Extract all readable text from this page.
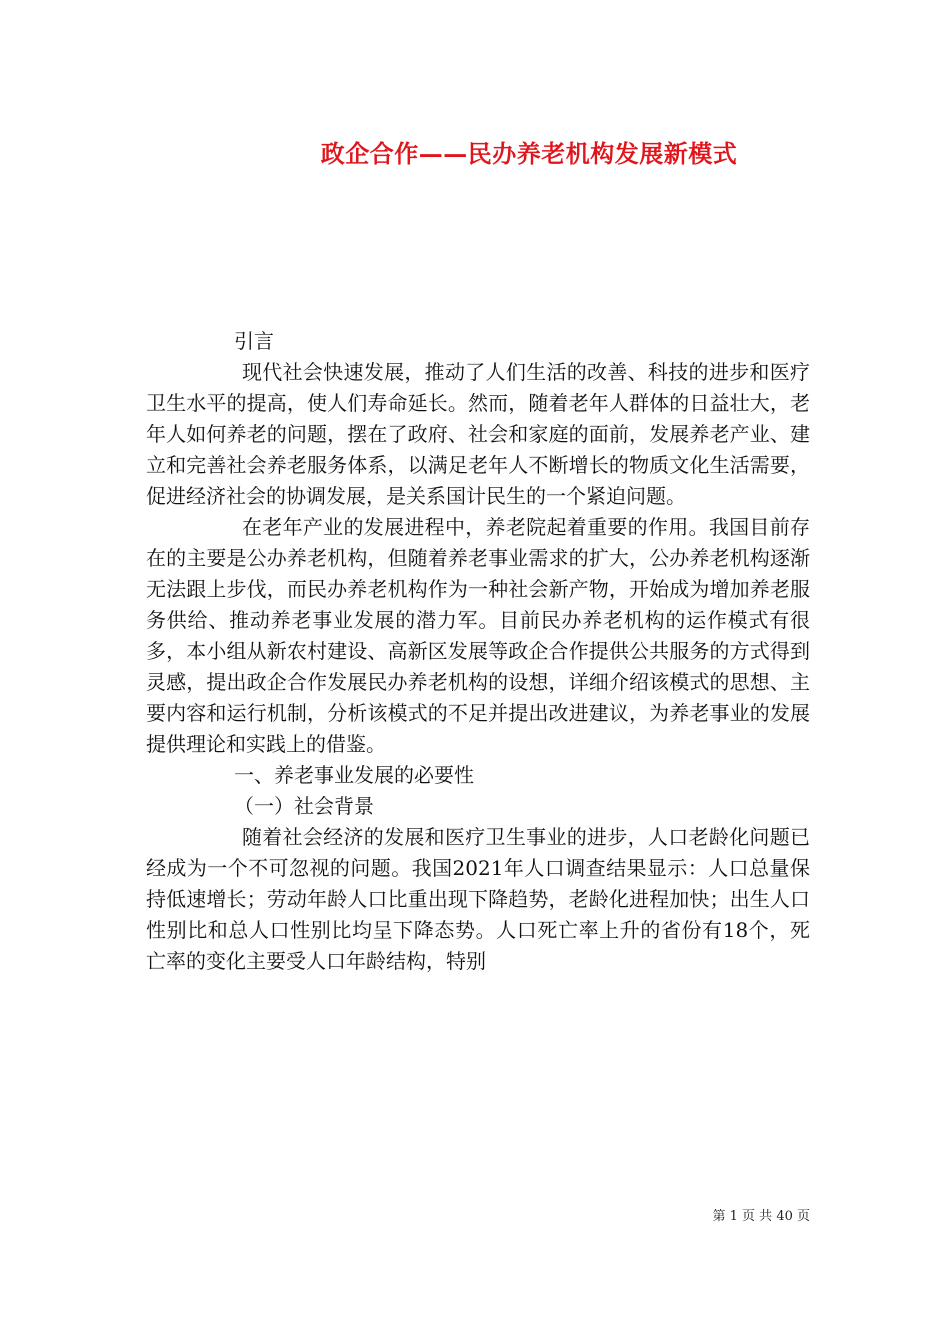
政企合作——民办养老机构发展新模式

引言

现代社会快速发展，推动了人们生活的改善、科技的进步和医疗卫生水平的提高，使人们寿命延长。然而，随着老年人群体的日益壮大，老年人如何养老的问题，摆在了政府、社会和家庭的面前，发展养老产业、建立和完善社会养老服务体系，以满足老年人不断增长的物质文化生活需要，促进经济社会的协调发展，是关系国计民生的一个紧迫问题。

在老年产业的发展进程中，养老院起着重要的作用。我国目前存在的主要是公办养老机构，但随着养老事业需求的扩大，公办养老机构逐渐无法跟上步伐，而民办养老机构作为一种社会新产物，开始成为增加养老服务供给、推动养老事业发展的潜力军。目前民办养老机构的运作模式有很多，本小组从新农村建设、高新区发展等政企合作提供公共服务的方式得到灵感，提出政企合作发展民办养老机构的设想，详细介绍该模式的思想、主要内容和运行机制，分析该模式的不足并提出改进建议，为养老事业的发展提供理论和实践上的借鉴。

一、养老事业发展的必要性

（一）社会背景

随着社会经济的发展和医疗卫生事业的进步，人口老龄化问题已经成为一个不可忽视的问题。我国2021年人口调查结果显示：人口总量保持低速增长；劳动年龄人口比重出现下降趋势，老龄化进程加快；出生人口性别比和总人口性别比均呈下降态势。人口死亡率上升的省份有18个，死亡率的变化主要受人口年龄结构，特别

第 1 页 共 40 页
